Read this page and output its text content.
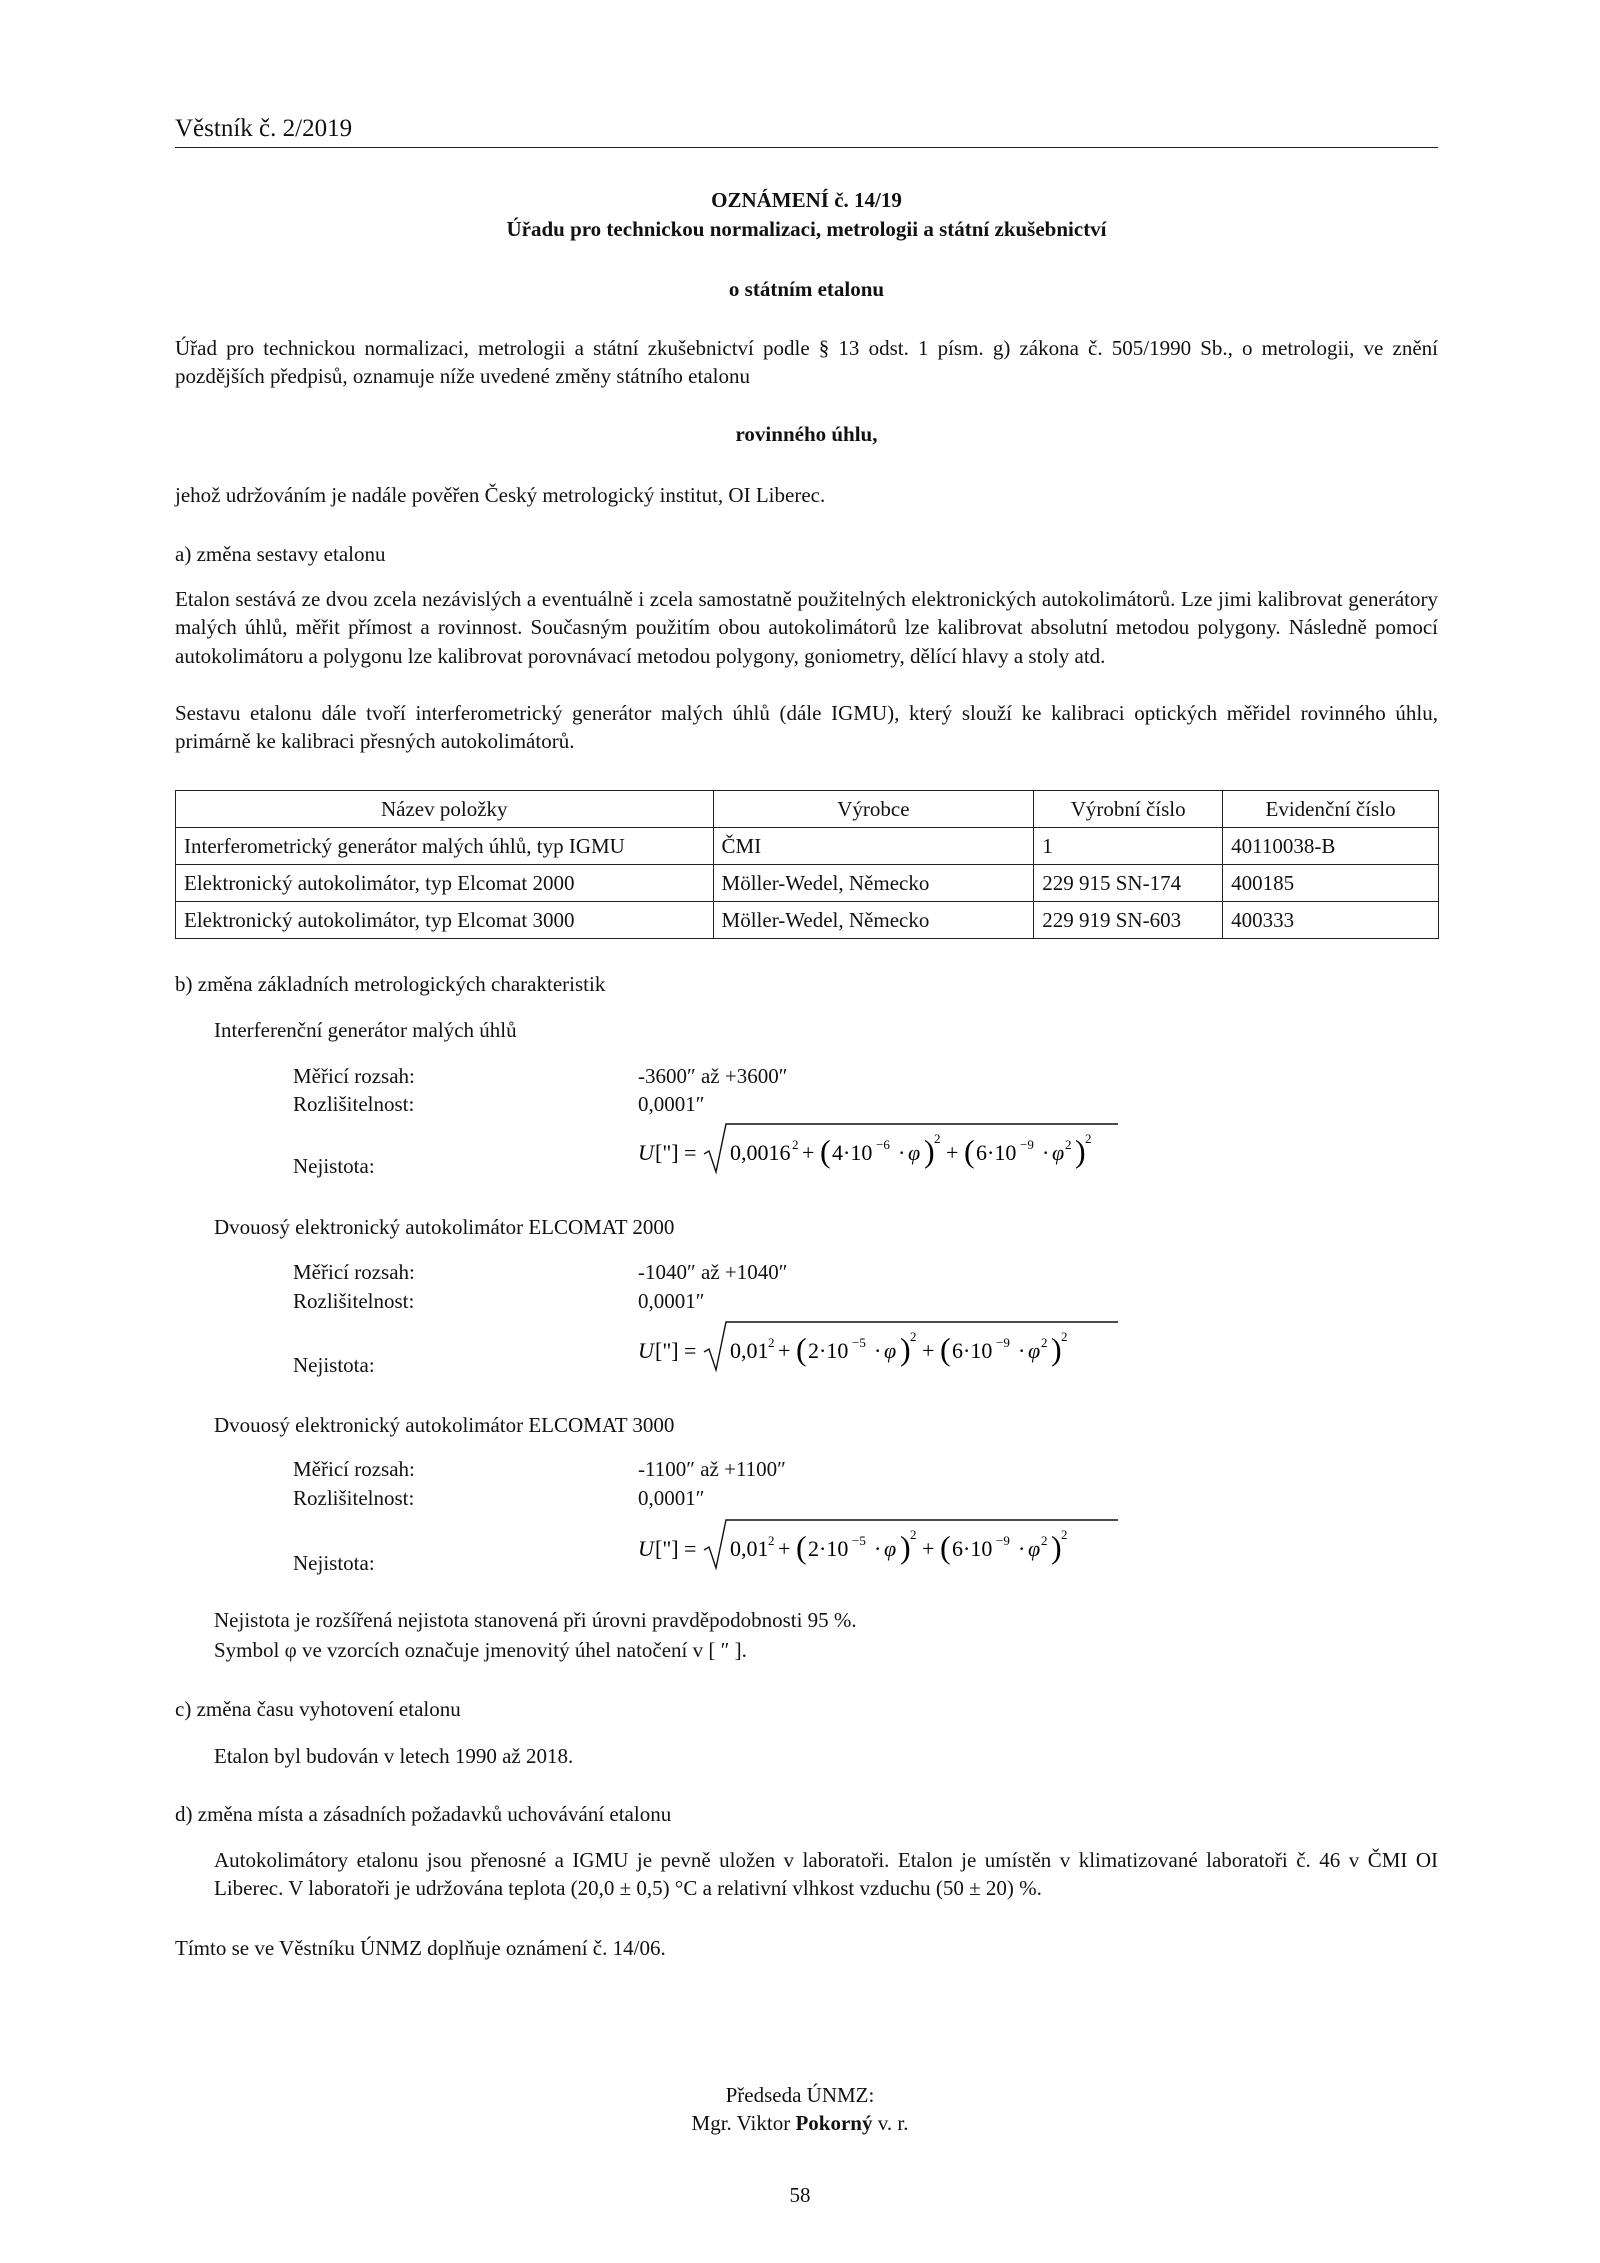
Věstník č. 2/2019
OZNÁMENÍ č. 14/19
Úřadu pro technickou normalizaci, metrologii a státní zkušebnictví
o státním etalonu
Úřad pro technickou normalizaci, metrologii a státní zkušebnictví podle § 13 odst. 1 písm. g) zákona č. 505/1990 Sb., o metrologii, ve znění pozdějších předpisů, oznamuje níže uvedené změny státního etalonu
rovinného úhlu,
jehož udržováním je nadále pověřen Český metrologický institut, OI Liberec.
a) změna sestavy etalonu
Etalon sestává ze dvou zcela nezávislých a eventuálně i zcela samostatně použitelných elektronických autokolimátorů. Lze jimi kalibrovat generátory malých úhlů, měřit přímost a rovinnost. Současným použitím obou autokolimátorů lze kalibrovat absolutní metodou polygony. Následně pomocí autokolimátoru a polygonu lze kalibrovat porovnávací metodou polygony, goniometry, dělící hlavy a stoly atd.
Sestavu etalonu dále tvoří interferometrický generátor malých úhlů (dále IGMU), který slouží ke kalibraci optických měřidel rovinného úhlu, primárně ke kalibraci přesných autokolimátorů.
Název položky	Výrobce	Výrobní číslo	Evidenční číslo
Interferometrický generátor malých úhlů, typ IGMU	ČMI	1	40110038-B
Elektronický autokolimátor, typ Elcomat 2000	Möller-Wedel, Německo	229 915 SN-174	400185
Elektronický autokolimátor, typ Elcomat 3000	Möller-Wedel, Německo	229 919 SN-603	400333
b) změna základních metrologických charakteristik
Interferenční generátor malých úhlů
Měřicí rozsah:	-3600″ až +3600″
Rozlišitelnost:	0,0001″
Nejistota:
U ["] = 0,0016 2 + ( 4·10 −6 · φ ) 2
+ ( 6·10 −9 · φ 2 ) 2
Dvouosý elektronický autokolimátor ELCOMAT 2000
Měřicí rozsah:	-1040″ až +1040″
Rozlišitelnost:	0,0001″
Nejistota:
U ["] = 0,01 2 + ( 2·10 −5 · φ ) 2
+ ( 6·10 −9 · φ 2 ) 2
Dvouosý elektronický autokolimátor ELCOMAT 3000
Měřicí rozsah:	-1100″ až +1100″
Rozlišitelnost:	0,0001″
Nejistota:
U ["] = 0,01 2 + ( 2·10 −5 · φ ) 2
+ ( 6·10 −9 · φ 2 ) 2
Nejistota je rozšířená nejistota stanovená při úrovni pravděpodobnosti 95 %.
Symbol φ ve vzorcích označuje jmenovitý úhel natočení v [ ″ ].
c) změna času vyhotovení etalonu
Etalon byl budován v letech 1990 až 2018.
d) změna místa a zásadních požadavků uchovávání etalonu
Autokolimátory etalonu jsou přenosné a IGMU je pevně uložen v laboratoři. Etalon je umístěn v klimatizované laboratoři č. 46 v ČMI OI Liberec. V laboratoři je udržována teplota (20,0 ± 0,5) °C a relativní vlhkost vzduchu (50 ± 20) %.
Tímto se ve Věstníku ÚNMZ doplňuje oznámení č. 14/06.
Předseda ÚNMZ:
Mgr. Viktor Pokorný v. r.
58
